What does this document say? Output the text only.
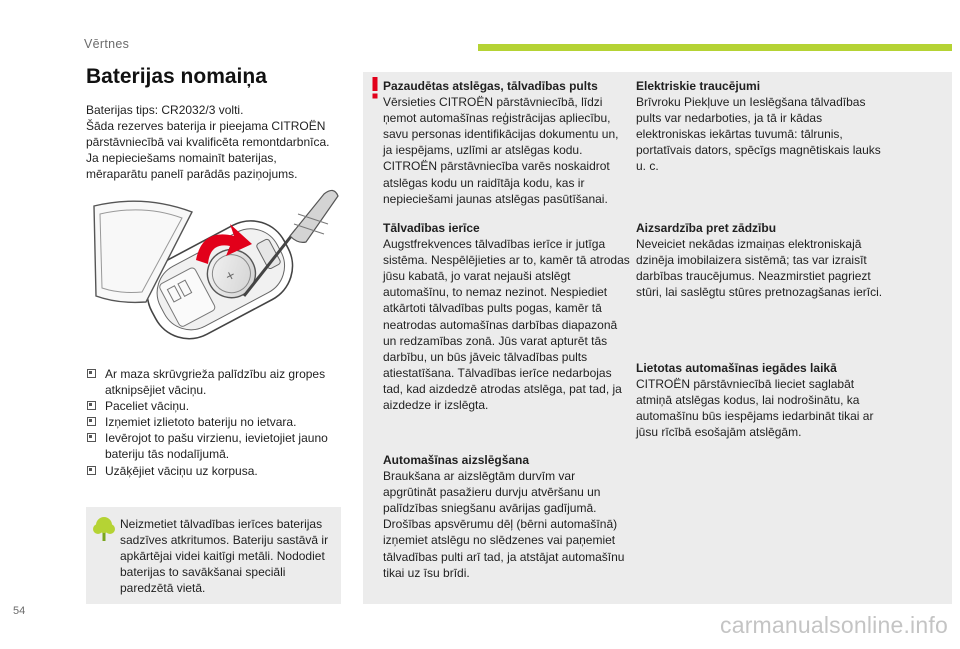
Vērtnes
Baterijas nomaiņa
Baterijas tips: CR2032/3 volti.
Šāda rezerves baterija ir pieejama CITROËN
pārstāvniecībā vai kvalificēta remontdarbnīca.
Ja nepieciešams nomainīt baterijas,
mēraparātu panelī parādās paziņojums.
+
Ar maza skrūvgrieža palīdzību aiz gropes atknipsējiet vāciņu.
Paceliet vāciņu.
Izņemiet izlietoto bateriju no ietvara.
Ievērojot to pašu virzienu, ievietojiet jauno bateriju tās nodalījumā.
Uzāķējiet vāciņu uz korpusa.
Neizmetiet tālvadības ierīces baterijas sadzīves atkritumos. Bateriju sastāvā ir apkārtējai videi kaitīgi metāli. Nododiet baterijas to savākšanai speciāli paredzētā vietā.
Pazaudētas atslēgas, tālvadības pults
Vērsieties CITROËN pārstāvniecībā, līdzi ņemot automašīnas reģistrācijas apliecību, savu personas identifikācijas dokumentu un, ja iespējams, uzlīmi ar atslēgas kodu. CITROËN pārstāvniecība varēs noskaidrot atslēgas kodu un raidītāja kodu, kas ir nepieciešami jaunas atslēgas pasūtīšanai.
Tālvadības ierīce
Augstfrekvences tālvadības ierīce ir jutīga sistēma. Nespēlējieties ar to, kamēr tā atrodas jūsu kabatā, jo varat nejauši atslēgt automašīnu, to nemaz nezinot. Nespiediet atkārtoti tālvadības pults pogas, kamēr tā neatrodas automašīnas darbības diapazonā un redzamības zonā. Jūs varat apturēt tās darbību, un būs jāveic tālvadības pults atiestatīšana. Tālvadības ierīce nedarbojas tad, kad aizdedzē atrodas atslēga, pat tad, ja aizdedze ir izslēgta.
Automašīnas aizslēgšana
Braukšana ar aizslēgtām durvīm var apgrūtināt pasažieru durvju atvēršanu un palīdzības sniegšanu avārijas gadījumā. Drošības apsvērumu dēļ (bērni automašīnā) izņemiet atslēgu no slēdzenes vai paņemiet tālvadības pulti arī tad, ja atstājat automašīnu tikai uz īsu brīdi.
Elektriskie traucējumi
Brīvroku Piekļuve un Ieslēgšana tālvadības pults var nedarboties, ja tā ir kādas elektroniskas iekārtas tuvumā: tālrunis, portatīvais dators, spēcīgs magnētiskais lauks u. c.
Aizsardzība pret zādzību
Neveiciet nekādas izmaiņas elektroniskajā dzinēja imobilaizera sistēmā; tas var izraisīt darbības traucējumus. Neazmirstiet pagriezt stūri, lai saslēgtu stūres pretnozagšanas ierīci.
Lietotas automašīnas iegādes laikā
CITROËN pārstāvniecībā lieciet saglabāt atmiņā atslēgas kodus, lai nodrošinātu, ka automašīnu būs iespējams iedarbināt tikai ar jūsu rīcībā esošajām atslēgām.
54
carmanualsonline.info
